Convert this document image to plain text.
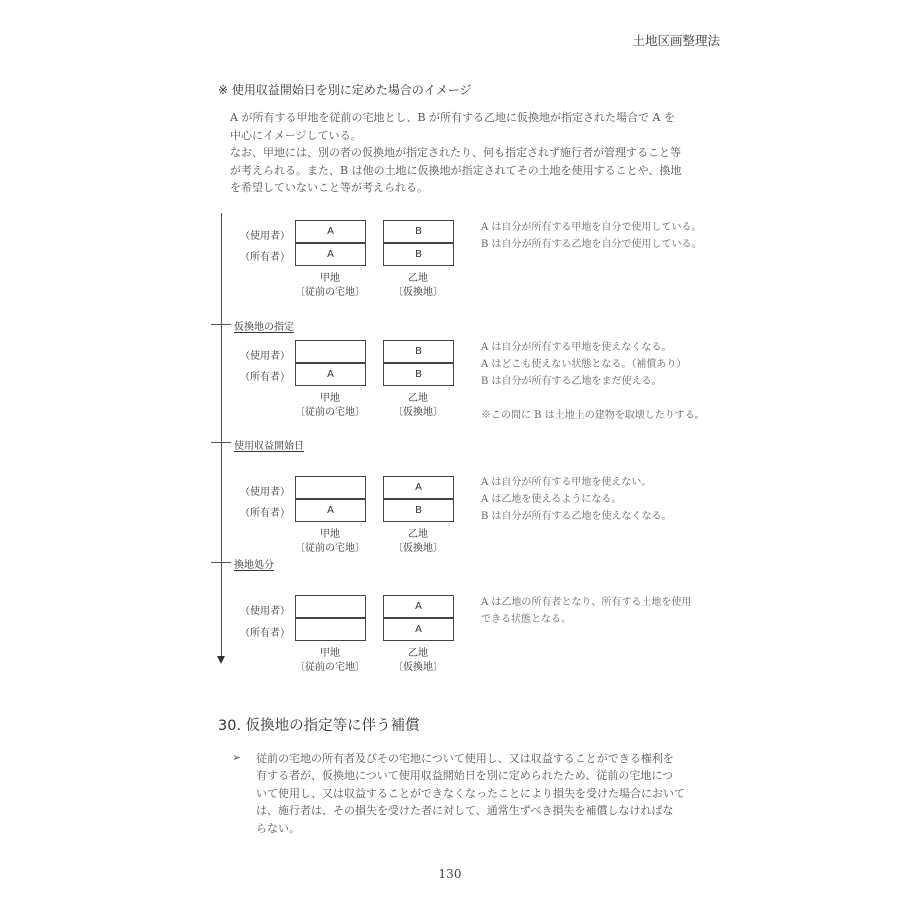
土地区画整理法
※ 使用収益開始日を別に定めた場合のイメージ
A が所有する甲地を従前の宅地とし、B が所有する乙地に仮換地が指定された場合で A を
中心にイメージしている。
なお、甲地には、別の者の仮換地が指定されたり、何も指定されず施行者が管理すること等
が考えられる。また、B は他の土地に仮換地が指定されてその土地を使用することや、換地
を希望していないこと等が考えられる。
（使用者）
（所有者）
A
A
B
B
甲地
〔従前の宅地〕
乙地
〔仮換地〕
A は自分が所有する甲地を自分で使用している。
B は自分が所有する乙地を自分で使用している。
仮換地の指定
（使用者）
（所有者）	A
B
B
甲地
〔従前の宅地〕
乙地
〔仮換地〕
A は自分が所有する甲地を使えなくなる。
A はどこも使えない状態となる。（補償あり）
B は自分が所有する乙地をまだ使える。
※この間に B は土地上の建物を取壊したりする。
使用収益開始日
（使用者）
（所有者）	A
A
B
甲地
〔従前の宅地〕
乙地
〔仮換地〕
A は自分が所有する甲地を使えない。
A は乙地を使えるようになる。
B は自分が所有する乙地を使えなくなる。
換地処分
（使用者）
（所有者）
A
A
甲地
〔従前の宅地〕
乙地
〔仮換地〕
A は乙地の所有者となり、所有する土地を使用
できる状態となる。
30. 仮換地の指定等に伴う補償
➢ 従前の宅地の所有者及びその宅地について使用し、又は収益することができる権利を
有する者が、仮換地について使用収益開始日を別に定められたため、従前の宅地につ
いて使用し、又は収益することができなくなったことにより損失を受けた場合において
は、施行者は、その損失を受けた者に対して、通常生ずべき損失を補償しなければな
らない。
130
